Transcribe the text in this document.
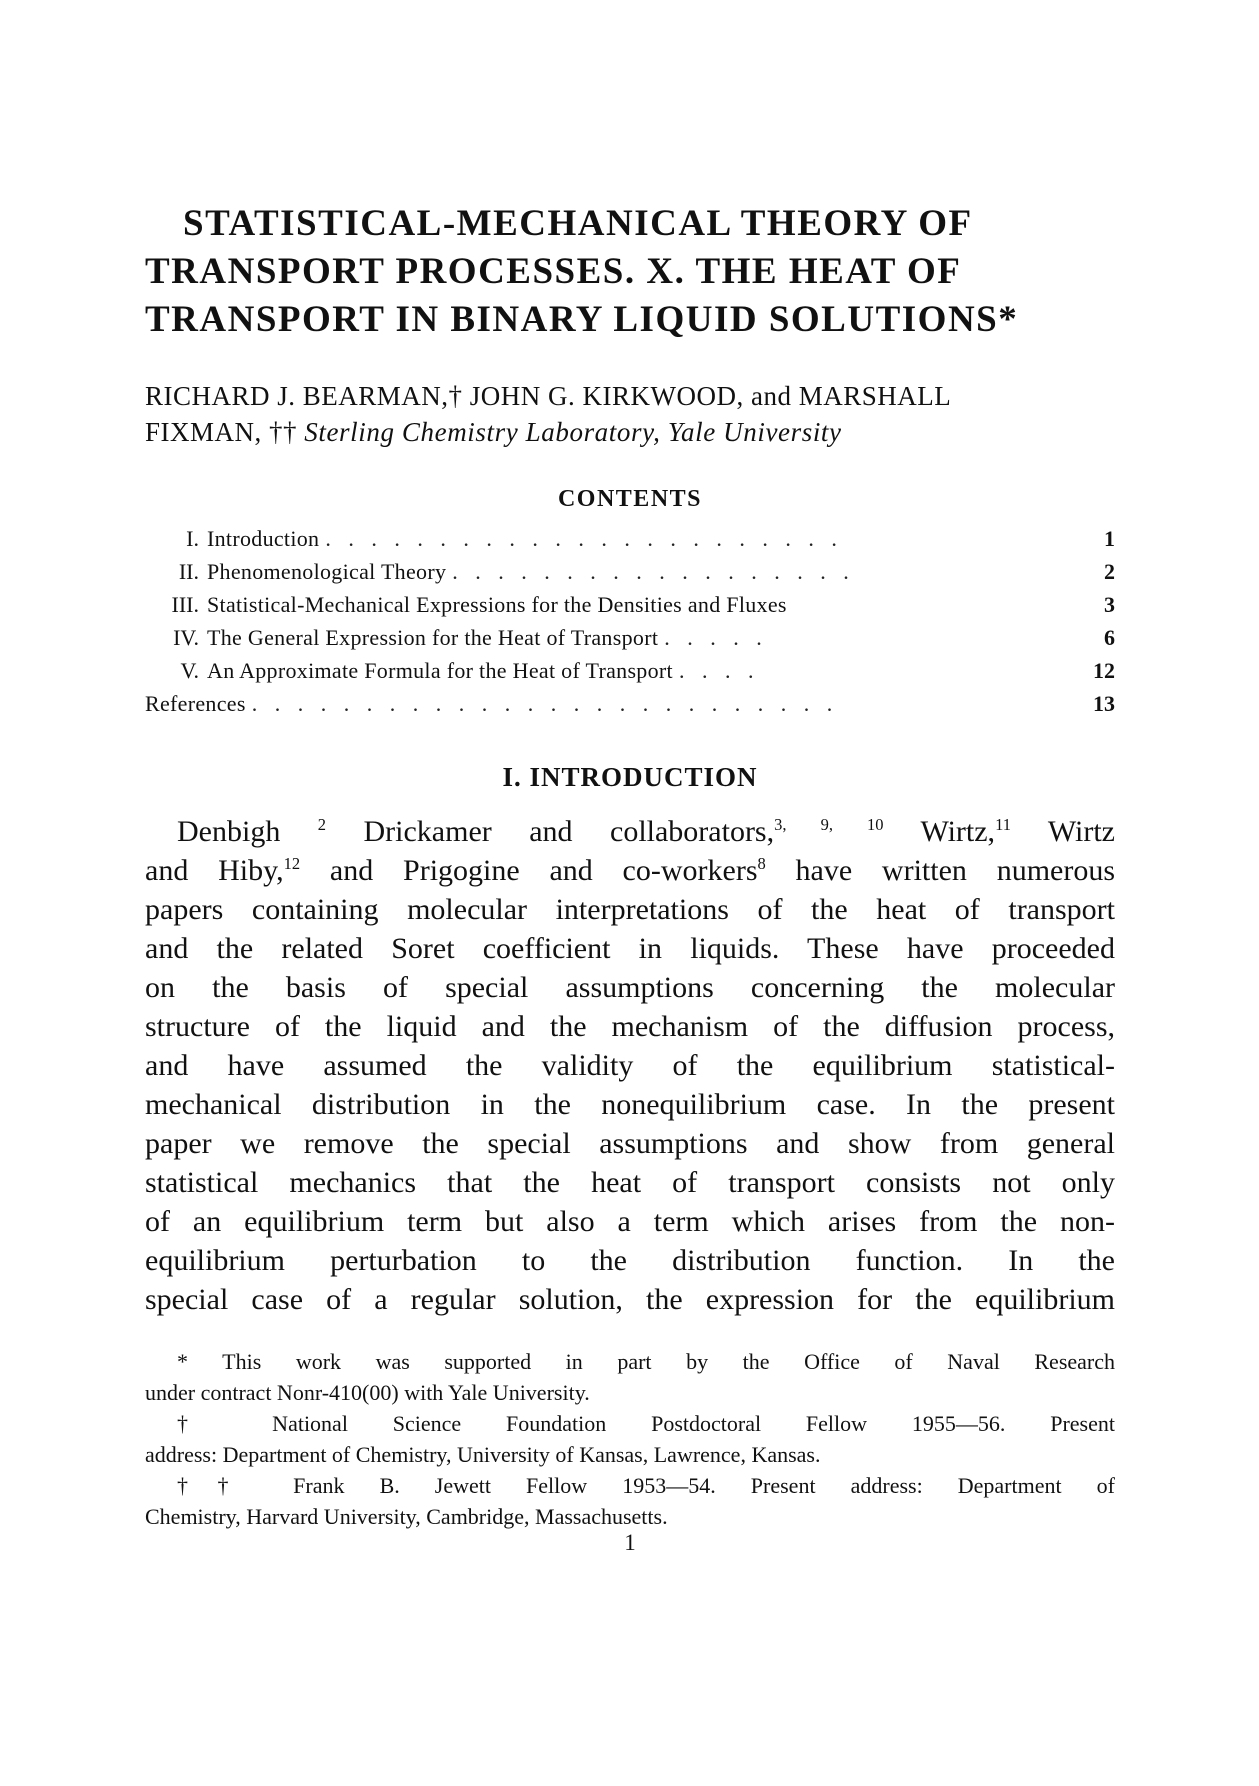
STATISTICAL-MECHANICAL THEORY OF
TRANSPORT PROCESSES. X. THE HEAT OF
TRANSPORT IN BINARY LIQUID SOLUTIONS*
RICHARD J. BEARMAN,† JOHN G. KIRKWOOD, and MARSHALL
FIXMAN, †† Sterling Chemistry Laboratory, Yale University
CONTENTS
I. Introduction . . . . . . . . . . . . . . . . . . . . . . .	1
II. Phenomenological Theory . . . . . . . . . . . . . . . . . .	2
III. Statistical-Mechanical Expressions for the Densities and Fluxes	3
IV. The General Expression for the Heat of Transport . . . . .	6
V. An Approximate Formula for the Heat of Transport . . . .	12
References . . . . . . . . . . . . . . . . . . . . . . . . . .	13
I. INTRODUCTION
Denbigh $^2$ Drickamer and collaborators,$^{3, 9, 10}$ Wirtz,$^{11}$ Wirtz
and Hiby,$^{12}$ and Prigogine and co-workers$^8$ have written numerous
papers containing molecular interpretations of the heat of transport
and the related Soret coefficient in liquids. These have proceeded
on the basis of special assumptions concerning the molecular
structure of the liquid and the mechanism of the diffusion process,
and have assumed the validity of the equilibrium statistical-
mechanical distribution in the nonequilibrium case. In the present
paper we remove the special assumptions and show from general
statistical mechanics that the heat of transport consists not only
of an equilibrium term but also a term which arises from the non-
equilibrium perturbation to the distribution function. In the
special case of a regular solution, the expression for the equilibrium
* This work was supported in part by the Office of Naval Research
under contract Nonr-410(00) with Yale University.
† National Science Foundation Postdoctoral Fellow 1955—56. Present
address: Department of Chemistry, University of Kansas, Lawrence, Kansas.
†† Frank B. Jewett Fellow 1953—54. Present address: Department of
Chemistry, Harvard University, Cambridge, Massachusetts.
1
